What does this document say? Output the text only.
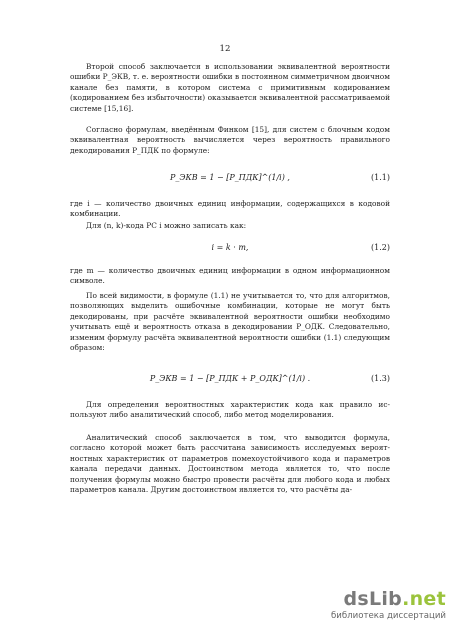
12

Второй способ заключается в использовании эквивалентной вероятности ошибки P_ЭКВ, т. е. вероятности ошибки в постоянном симметричном двоичном канале без памяти, в котором система с примитивным кодированием (кодированием без избыточности) оказывается эквивалентной рассматриваемой системе [15,16].

Согласно формулам, введённым Финком [15], для систем с блочным кодом эквивалентная вероятность вычисляется через вероятность правильного декодирования P_ПДК по формуле:

P_ЭКВ = 1 − [P_ПДК]^(1/i) ,	(1.1)

где i — количество двоичных единиц информации, содержащихся в кодовой комбинации.

Для (n, k)-кода РС i можно записать как:

i = k · m,	(1.2)

где m — количество двоичных единиц информации в одном информационном символе.

По всей видимости, в формуле (1.1) не учитывается то, что для алгоритмов, позволяющих выделить ошибочные комбинации, которые не могут быть декодированы, при расчёте эквивалентной вероятности ошибки необходимо учитывать ещё и вероятность отказа в декодировании P_ОДК. Следовательно, изменим формулу расчёта эквивалентной вероятности ошибки (1.1) следующим образом:

P_ЭКВ = 1 − [P_ПДК + P_ОДК]^(1/i) .	(1.3)

Для определения вероятностных характеристик кода как правило используют либо аналитический способ, либо метод моделирования.

Аналитический способ заключается в том, что выводится формула, согласно которой может быть рассчитана зависимость исследуемых вероятностных характеристик от параметров помехоустойчивого кода и параметров канала передачи данных. Достоинством метода является то, что после получения формулы можно быстро провести расчёты для любого кода и любых параметров канала. Другим достоинством является то, что расчёты да-

dsLib.net
библиотека диссертаций
